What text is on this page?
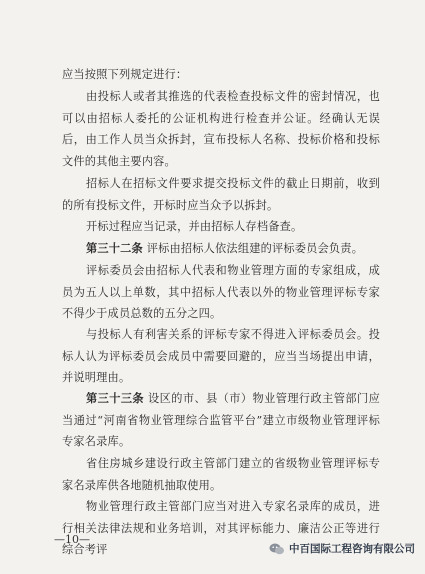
应当按照下列规定进行：

由投标人或者其推选的代表检查投标文件的密封情况，也可以由招标人委托的公证机构进行检查并公证。经确认无误后，由工作人员当众拆封，宣布投标人名称、投标价格和投标文件的其他主要内容。

招标人在招标文件要求提交投标文件的截止日期前，收到的所有投标文件，开标时应当众予以拆封。

开标过程应当记录，并由招标人存档备查。

第三十二条 评标由招标人依法组建的评标委员会负责。

评标委员会由招标人代表和物业管理方面的专家组成，成员为五人以上单数，其中招标人代表以外的物业管理评标专家不得少于成员总数的五分之四。

与投标人有利害关系的评标专家不得进入评标委员会。投标人认为评标委员会成员中需要回避的，应当当场提出申请，并说明理由。

第三十三条 设区的市、县（市）物业管理行政主管部门应当通过“河南省物业管理综合监管平台”建立市级物业管理评标专家名录库。

省住房城乡建设行政主管部门建立的省级物业管理评标专家名录库供各地随机抽取使用。

物业管理行政主管部门应当对进入专家名录库的成员，进行相关法律法规和业务培训，对其评标能力、廉洁公正等进行综合考评

—10—
中百国际工程咨询有限公司
